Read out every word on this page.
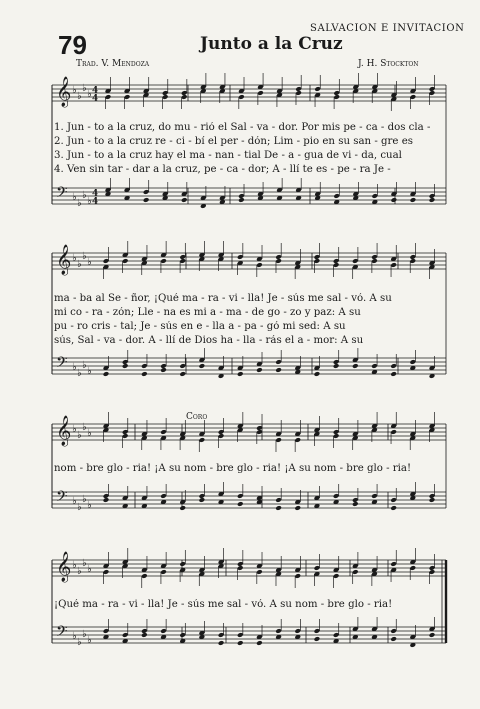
79
SALVACION E INVITACION
Junto a la Cruz
Trad. V. Mendoza	J. H. Stockton
Coro
𝄞
𝄢
♭
♭
♭
♭
♭
♭
♭
♭
4
4
4
4
𝄞
𝄢
♭
♭
♭
♭
♭
♭
♭
♭
𝄞
𝄢
♭
♭
♭
♭
♭
♭
♭
♭
𝄞
𝄢
♭
♭
♭
♭
♭
♭
♭
♭
1. Jun - to a la cruz, do mu - rió el Sal - va - dor. Por mis pe - ca - dos cla -
2. Jun - to a la cruz re - ci - bí el per - dón; Lim - pio en su san - gre es
3. Jun - to a la cruz hay el ma - nan - tial De - a - gua de vi - da, cual
4. Ven sin tar - dar a la cruz, pe - ca - dor; A - llí te es - pe - ra Je -
ma - ba al Se - ñor, ¡Qué ma - ra - vi - lla! Je - sús me sal - vó. A su
mi co - ra - zón; Lle - na es mi a - ma - de go - zo y paz: A su
pu - ro cris - tal; Je - sús en e - lla a - pa - gó mi sed: A su
sús, Sal - va - dor. A - llí de Dios ha - lla - rás el a - mor: A su
nom - bre glo - ria! ¡A su nom - bre glo - ria! ¡A su nom - bre glo - ria!
¡Qué ma - ra - vi - lla! Je - sús me sal - vó. A su nom - bre glo - ria!
